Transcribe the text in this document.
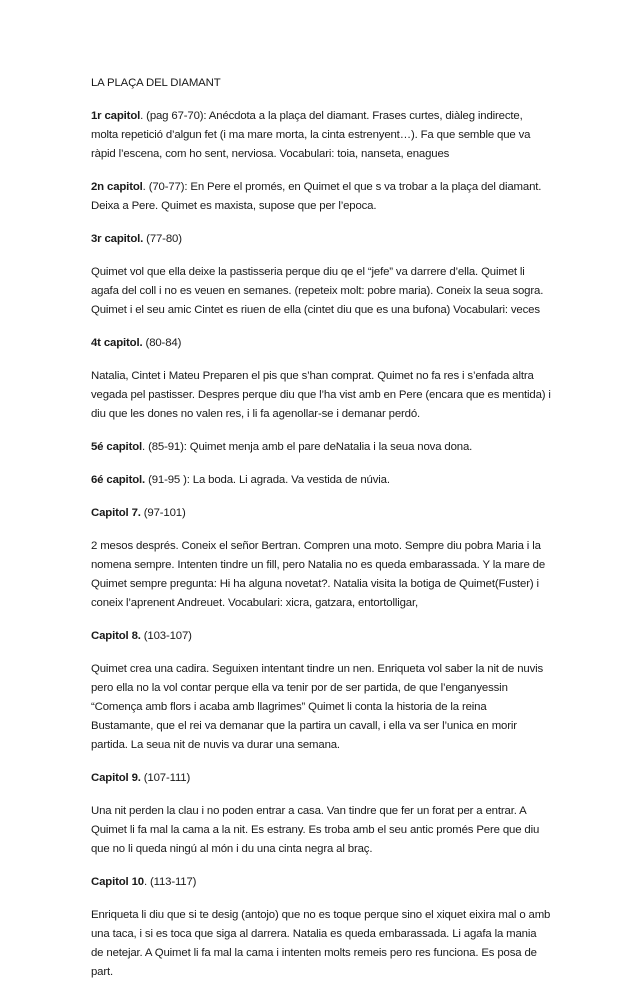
LA PLAÇA DEL DIAMANT

1r capitol. (pag 67-70): Anécdota a la plaça del diamant. Frases curtes, diàleg indirecte, molta repetició d’algun fet (i ma mare morta, la cinta estrenyent…). Fa que semble que va ràpid l’escena, com ho sent, nerviosa. Vocabulari: toia, nanseta, enagues

2n capitol. (70-77): En Pere el promés, en Quimet el que s va trobar a la plaça del diamant. Deixa a Pere. Quimet es maxista, supose que per l’epoca.

3r capitol. (77-80)

Quimet vol que ella deixe la pastisseria perque diu qe el “jefe” va darrere d’ella. Quimet li agafa del coll i no es veuen en semanes. (repeteix molt: pobre maria). Coneix la seua sogra. Quimet i el seu amic Cintet es riuen de ella (cintet diu que es una bufona) Vocabulari: veces

4t capitol. (80-84)

Natalia, Cintet i Mateu Preparen el pis que s’han comprat. Quimet no fa res i s’enfada altra vegada pel pastisser. Despres perque diu que l’ha vist amb en Pere (encara que es mentida) i diu que les dones no valen res, i li fa agenollar-se i demanar perdó.

5é capitol. (85-91): Quimet menja amb el pare deNatalia i la seua nova dona.

6é capitol. (91-95 ): La boda. Li agrada. Va vestida de núvia.

Capitol 7. (97-101)

2 mesos després. Coneix el señor Bertran. Compren una moto. Sempre diu pobra Maria i la nomena sempre. Intenten tindre un fill, pero Natalia no es queda embarassada. Y la mare de Quimet sempre pregunta: Hi ha alguna novetat?. Natalia visita la botiga de Quimet(Fuster) i coneix l’aprenent Andreuet. Vocabulari: xicra, gatzara, entortolligar,

Capitol 8. (103-107)

Quimet crea una cadira. Seguixen intentant tindre un nen. Enriqueta vol saber la nit de nuvis pero ella no la vol contar perque ella va tenir por de ser partida, de que l’enganyessin “Comença amb flors i acaba amb llagrimes” Quimet li conta la historia de la reina Bustamante, que el rei va demanar que la partira un cavall, i ella va ser l’unica en morir partida. La seua nit de nuvis va durar una semana.

Capitol 9. (107-111)

Una nit perden la clau i no poden entrar a casa. Van tindre que fer un forat per a entrar. A Quimet li fa mal la cama a la nit. Es estrany. Es troba amb el seu antic promés Pere que diu que no li queda ningú al món i du una cinta negra al braç.

Capitol 10. (113-117)

Enriqueta li diu que si te desig (antojo) que no es toque perque sino el xiquet eixira mal o amb una taca, i si es toca que siga al darrera. Natalia es queda embarassada. Li agafa la mania de netejar. A Quimet li fa mal la cama i intenten molts remeis pero res funciona. Es posa de part.
